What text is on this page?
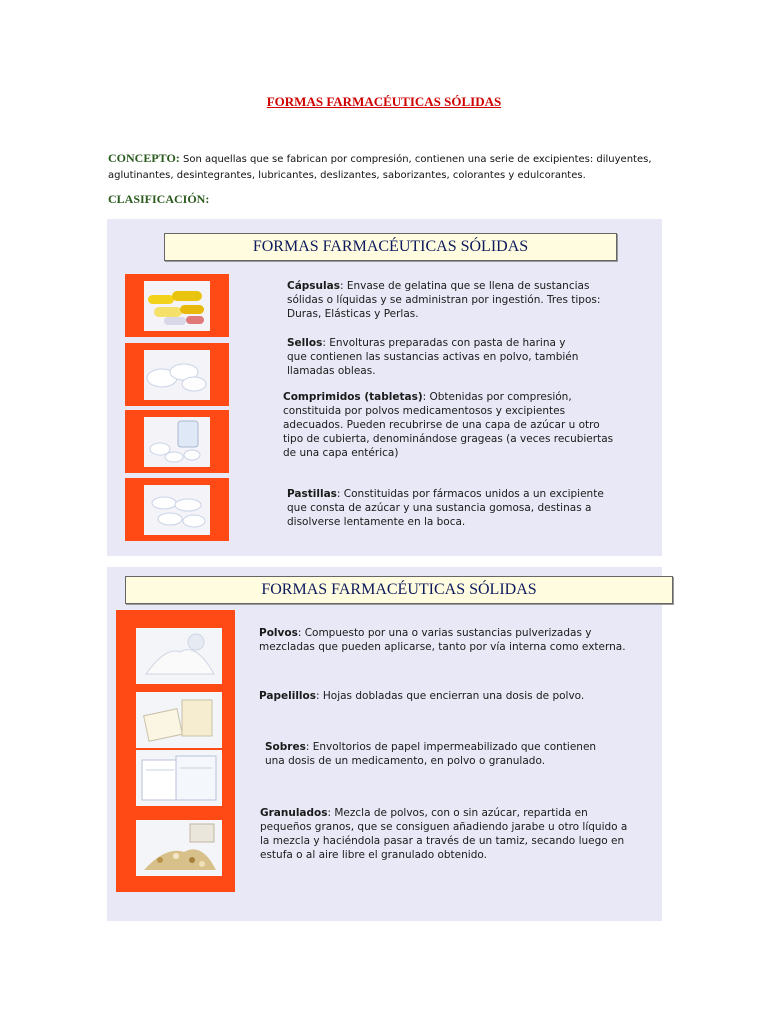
FORMAS FARMACÉUTICAS SÓLIDAS
CONCEPTO: Son aquellas que se fabrican por compresión, contienen una serie de excipientes: diluyentes, aglutinantes, desintegrantes, lubricantes, deslizantes, saborizantes, colorantes y edulcorantes.
CLASIFICACIÓN:
FORMAS FARMACÉUTICAS SÓLIDAS
Cápsulas: Envase de gelatina que se llena de sustancias sólidas o líquidas y se administran por ingestión. Tres tipos: Duras, Elásticas y Perlas.
Sellos: Envolturas preparadas con pasta de harina y que contienen las sustancias activas en polvo, también llamadas obleas.
Comprimidos (tabletas): Obtenidas por compresión, constituida por polvos medicamentosos y excipientes adecuados. Pueden recubrirse de una capa de azúcar u otro tipo de cubierta, denominándose grageas (a veces recubiertas de una capa entérica)
Pastillas: Constituidas por fármacos unidos a un excipiente que consta de azúcar y una sustancia gomosa, destinas a disolverse lentamente en la boca.
FORMAS FARMACÉUTICAS SÓLIDAS
Polvos: Compuesto por una o varias sustancias pulverizadas y mezcladas que pueden aplicarse, tanto por vía interna como externa.
Papelillos: Hojas dobladas que encierran una dosis de polvo.
Sobres: Envoltorios de papel impermeabilizado que contienen una dosis de un medicamento, en polvo o granulado.
Granulados: Mezcla de polvos, con o sin azúcar, repartida en pequeños granos, que se consiguen añadiendo jarabe u otro líquido a la mezcla y haciéndola pasar a través de un tamiz, secando luego en estufa o al aire libre el granulado obtenido.
